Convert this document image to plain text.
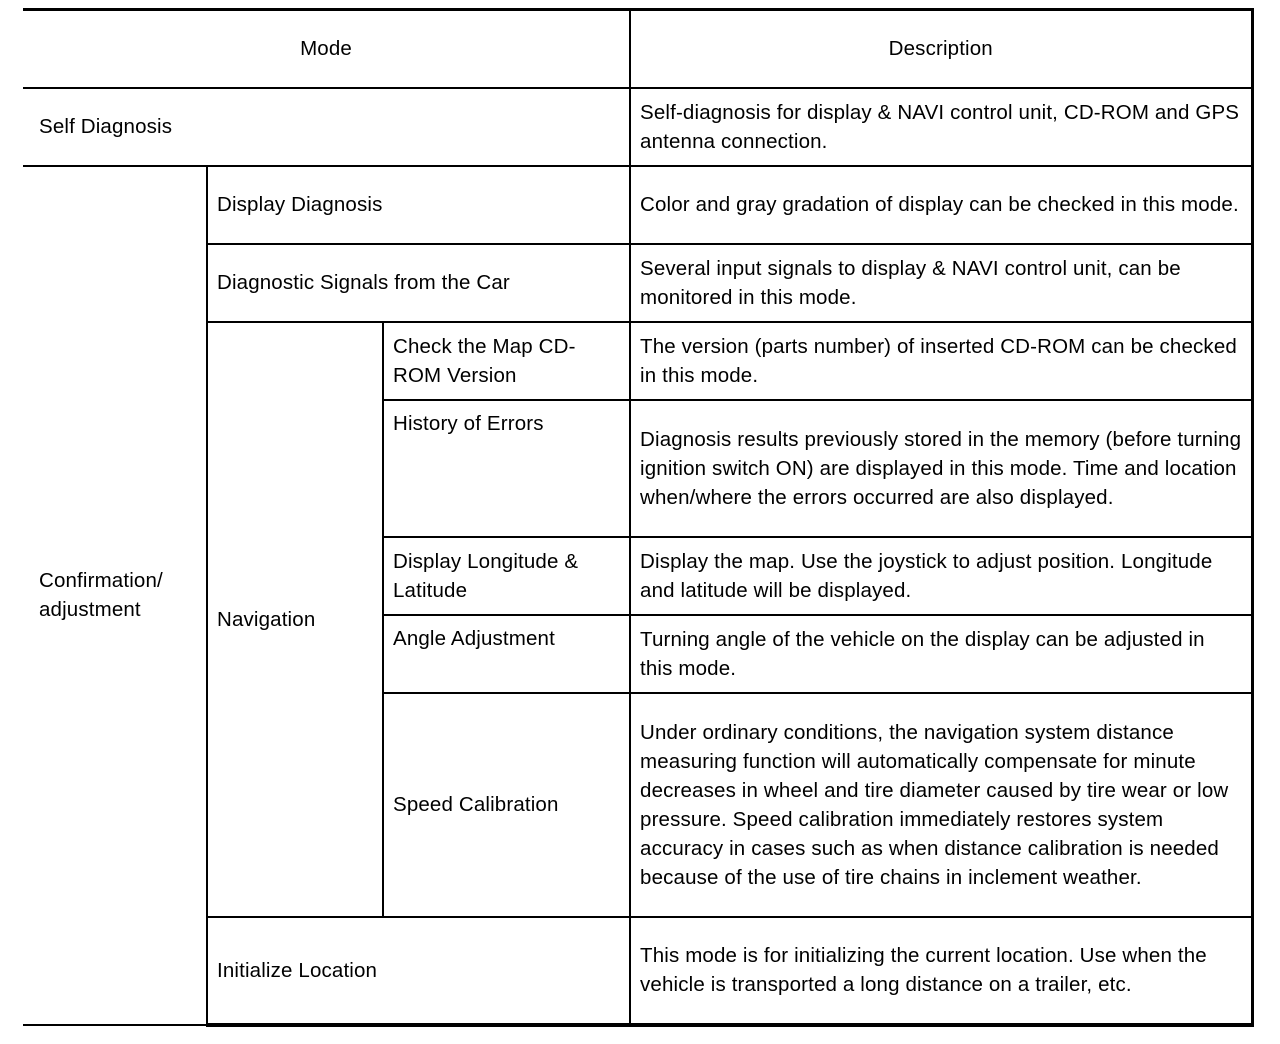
Mode			Description
Self Diagnosis			Self-diagnosis for display & NAVI control unit, CD-ROM and GPS antenna connection.
Confirmation/ adjustment	Display Diagnosis		Color and gray gradation of display can be checked in this mode.
	Diagnostic Signals from the Car		Several input signals to display & NAVI control unit, can be monitored in this mode.
	Navigation	Check the Map CD-ROM Version	The version (parts number) of inserted CD-ROM can be checked in this mode.
		History of Errors	Diagnosis results previously stored in the memory (before turning ignition switch ON) are displayed in this mode. Time and location when/where the errors occurred are also displayed.
		Display Longitude & Latitude	Display the map. Use the joystick to adjust position. Longitude and latitude will be displayed.
		Angle Adjustment	Turning angle of the vehicle on the display can be adjusted in this mode.
		Speed Calibration	Under ordinary conditions, the navigation system distance measuring function will automatically compensate for minute decreases in wheel and tire diameter caused by tire wear or low pressure. Speed calibration immediately restores system accuracy in cases such as when distance calibration is needed because of the use of tire chains in inclement weather.
	Initialize Location		This mode is for initializing the current location. Use when the vehicle is transported a long distance on a trailer, etc.
